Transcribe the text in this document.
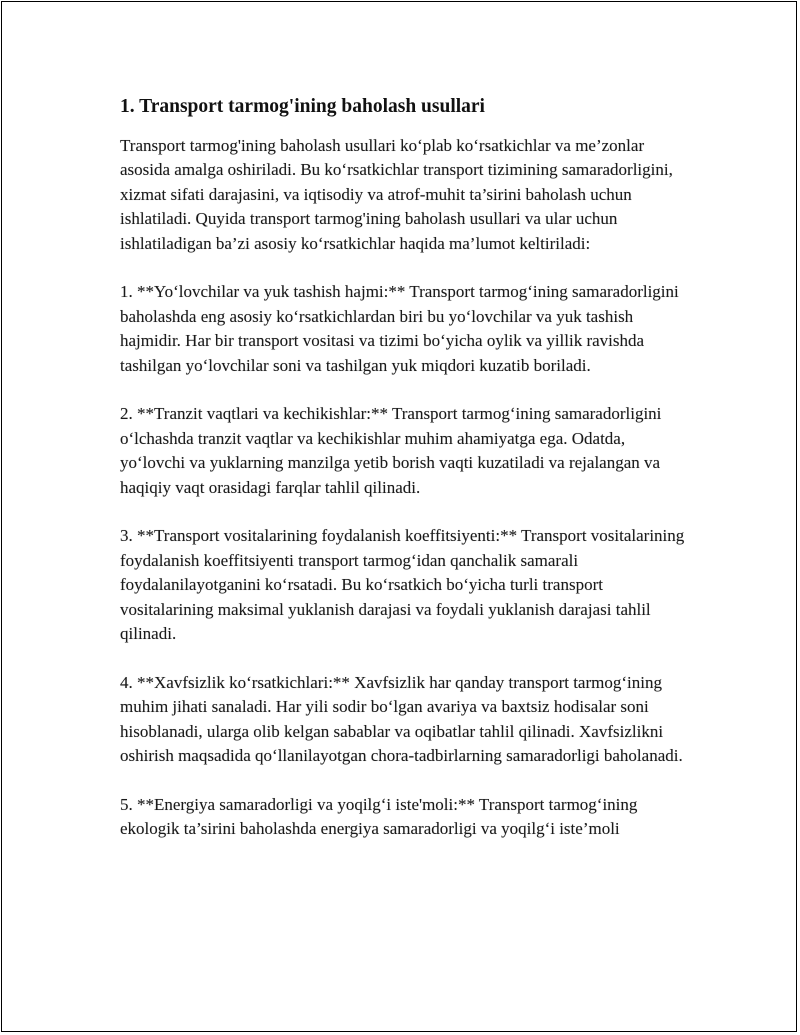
1. Transport tarmog'ining baholash usullari

Transport tarmog'ining baholash usullari ko‘plab ko‘rsatkichlar va me’zonlar asosida amalga oshiriladi. Bu ko‘rsatkichlar transport tizimining samaradorligini, xizmat sifati darajasini, va iqtisodiy va atrof-muhit ta’sirini baholash uchun ishlatiladi. Quyida transport tarmog'ining baholash usullari va ular uchun ishlatiladigan ba’zi asosiy ko‘rsatkichlar haqida ma’lumot keltiriladi:

1. **Yo‘lovchilar va yuk tashish hajmi:** Transport tarmog‘ining samaradorligini baholashda eng asosiy ko‘rsatkichlardan biri bu yo‘lovchilar va yuk tashish hajmidir. Har bir transport vositasi va tizimi bo‘yicha oylik va yillik ravishda tashilgan yo‘lovchilar soni va tashilgan yuk miqdori kuzatib boriladi.

2. **Tranzit vaqtlari va kechikishlar:** Transport tarmog‘ining samaradorligini o‘lchashda tranzit vaqtlar va kechikishlar muhim ahamiyatga ega. Odatda, yo‘lovchi va yuklarning manzilga yetib borish vaqti kuzatiladi va rejalangan va haqiqiy vaqt orasidagi farqlar tahlil qilinadi.

3. **Transport vositalarining foydalanish koeffitsiyenti:** Transport vositalarining foydalanish koeffitsiyenti transport tarmog‘idan qanchalik samarali foydalanilayotganini ko‘rsatadi. Bu ko‘rsatkich bo‘yicha turli transport vositalarining maksimal yuklanish darajasi va foydali yuklanish darajasi tahlil qilinadi.

4. **Xavfsizlik ko‘rsatkichlari:** Xavfsizlik har qanday transport tarmog‘ining muhim jihati sanaladi. Har yili sodir bo‘lgan avariya va baxtsiz hodisalar soni hisoblanadi, ularga olib kelgan sabablar va oqibatlar tahlil qilinadi. Xavfsizlikni oshirish maqsadida qo‘llanilayotgan chora-tadbirlarning samaradorligi baholanadi.

5. **Energiya samaradorligi va yoqilg‘i iste'moli:** Transport tarmog‘ining ekologik ta’sirini baholashda energiya samaradorligi va yoqilg‘i iste’moli
